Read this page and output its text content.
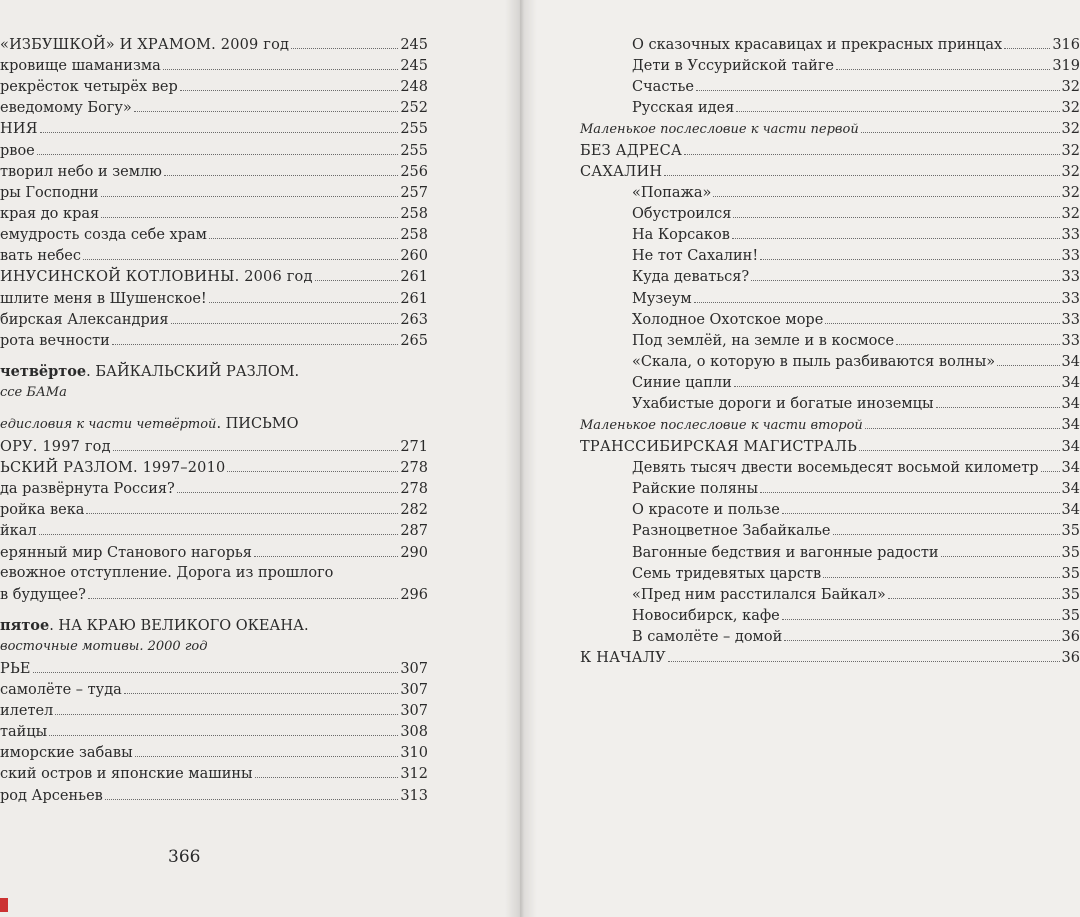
«ИЗБУШКОЙ» И ХРАМОМ. 2009 год	245
кровище шаманизма	245
рекрёсток четырёх вер	248
еведомому Богу»	252
НИЯ	255
рвое	255
творил небо и землю	256
ры Господни	257
края до края	258
емудрость созда себе храм	258
вать небес	260
ИНУСИНСКОЙ КОТЛОВИНЫ. 2006 год	261
шлите меня в Шушенское!	261
бирская Александрия	263
рота вечности	265
четвёртое. БАЙКАЛЬСКИЙ РАЗЛОМ.
ссе БАМа
едисловия к части четвёртой. ПИСЬМО
ОРУ. 1997 год	271
ЬСКИЙ РАЗЛОМ. 1997–2010	278
да развёрнута Россия?	278
ройка века	282
йкал	287
ерянный мир Станового нагорья	290
евожное отступление. Дорога из прошлого
в будущее?	296
пятое. НА КРАЮ ВЕЛИКОГО ОКЕАНА.
восточные мотивы. 2000 год
РЬЕ	307
самолёте – туда	307
илетел	307
тайцы	308
иморские забавы	310
ский остров и японские машины	312
род Арсеньев	313
366
О сказочных красавицах и прекрасных принцах	316
Дети в Уссурийской тайге	319
Счастье	32
Русская идея	32
Маленькое послесловие к части первой	32
БЕЗ АДРЕСА	32
САХАЛИН	32
«Попажа»	32
Обустроился	32
На Корсаков	33
Не тот Сахалин!	33
Куда деваться?	33
Музеум	33
Холодное Охотское море	33
Под землёй, на земле и в космосе	33
«Скала, о которую в пыль разбиваются волны»	34
Синие цапли	34
Ухабистые дороги и богатые иноземцы	34
Маленькое послесловие к части второй	34
ТРАНССИБИРСКАЯ МАГИСТРАЛЬ	34
Девять тысяч двести восемьдесят восьмой километр 34
Райские поляны	34
О красоте и пользе	34
Разноцветное Забайкалье	35
Вагонные бедствия и вагонные радости	35
Семь тридевятых царств	35
«Пред ним расстилался Байкал»	35
Новосибирск, кафе	35
В самолёте – домой	36
К НАЧАЛУ	36
